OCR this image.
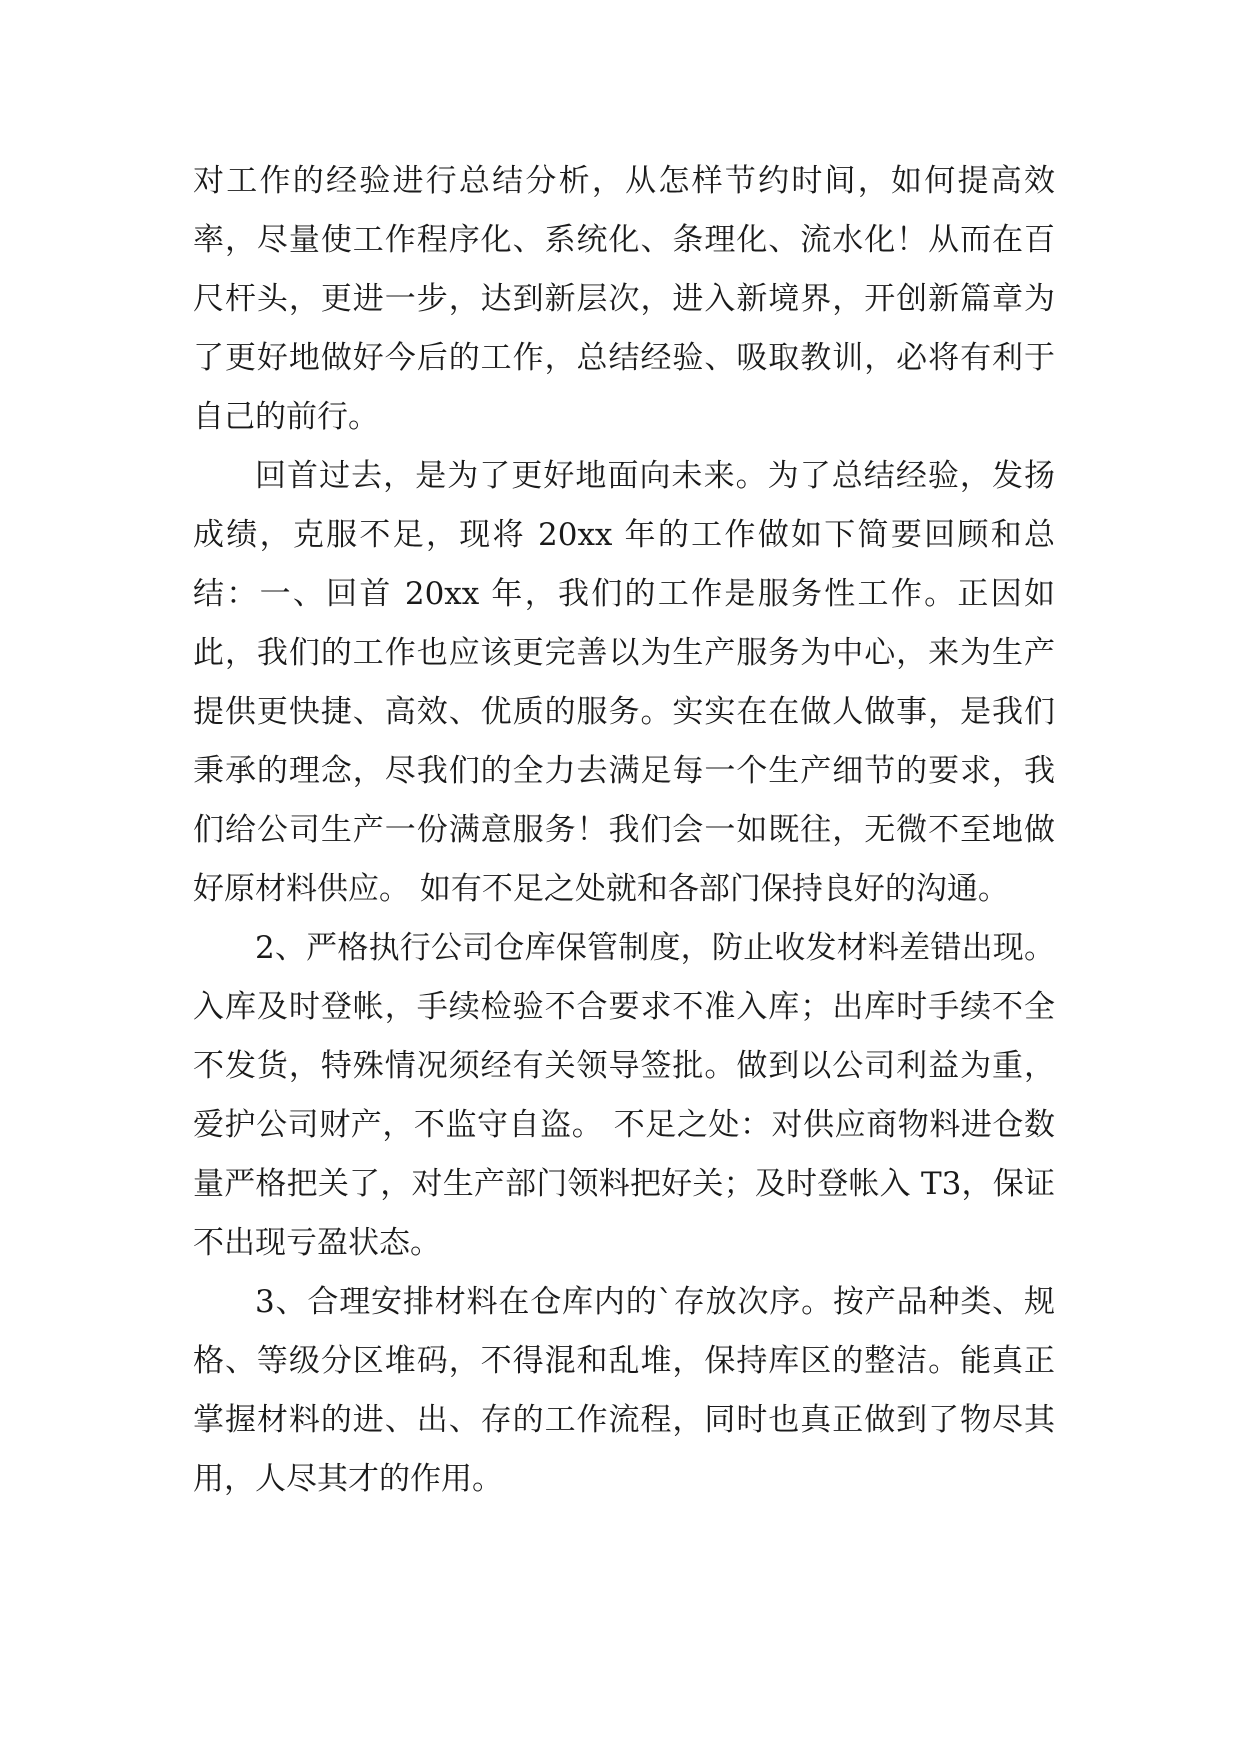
对工作的经验进行总结分析，从怎样节约时间，如何提高效率，尽量使工作程序化、系统化、条理化、流水化！从而在百尺杆头，更进一步，达到新层次，进入新境界，开创新篇章为了更好地做好今后的工作，总结经验、吸取教训，必将有利于自己的前行。

回首过去，是为了更好地面向未来。为了总结经验，发扬成绩，克服不足，现将 20xx 年的工作做如下简要回顾和总结：一、回首 20xx 年，我们的工作是服务性工作。正因如此，我们的工作也应该更完善以为生产服务为中心，来为生产提供更快捷、高效、优质的服务。实实在在做人做事，是我们秉承的理念，尽我们的全力去满足每一个生产细节的要求，我们给公司生产一份满意服务！我们会一如既往，无微不至地做好原材料供应。 如有不足之处就和各部门保持良好的沟通。

2、严格执行公司仓库保管制度，防止收发材料差错出现。入库及时登帐，手续检验不合要求不准入库；出库时手续不全不发货，特殊情况须经有关领导签批。做到以公司利益为重，爱护公司财产，不监守自盗。 不足之处：对供应商物料进仓数量严格把关了，对生产部门领料把好关；及时登帐入 T3，保证不出现亏盈状态。

3、合理安排材料在仓库内的`存放次序。按产品种类、规格、等级分区堆码，不得混和乱堆，保持库区的整洁。能真正掌握材料的进、出、存的工作流程，同时也真正做到了物尽其用，人尽其才的作用。
